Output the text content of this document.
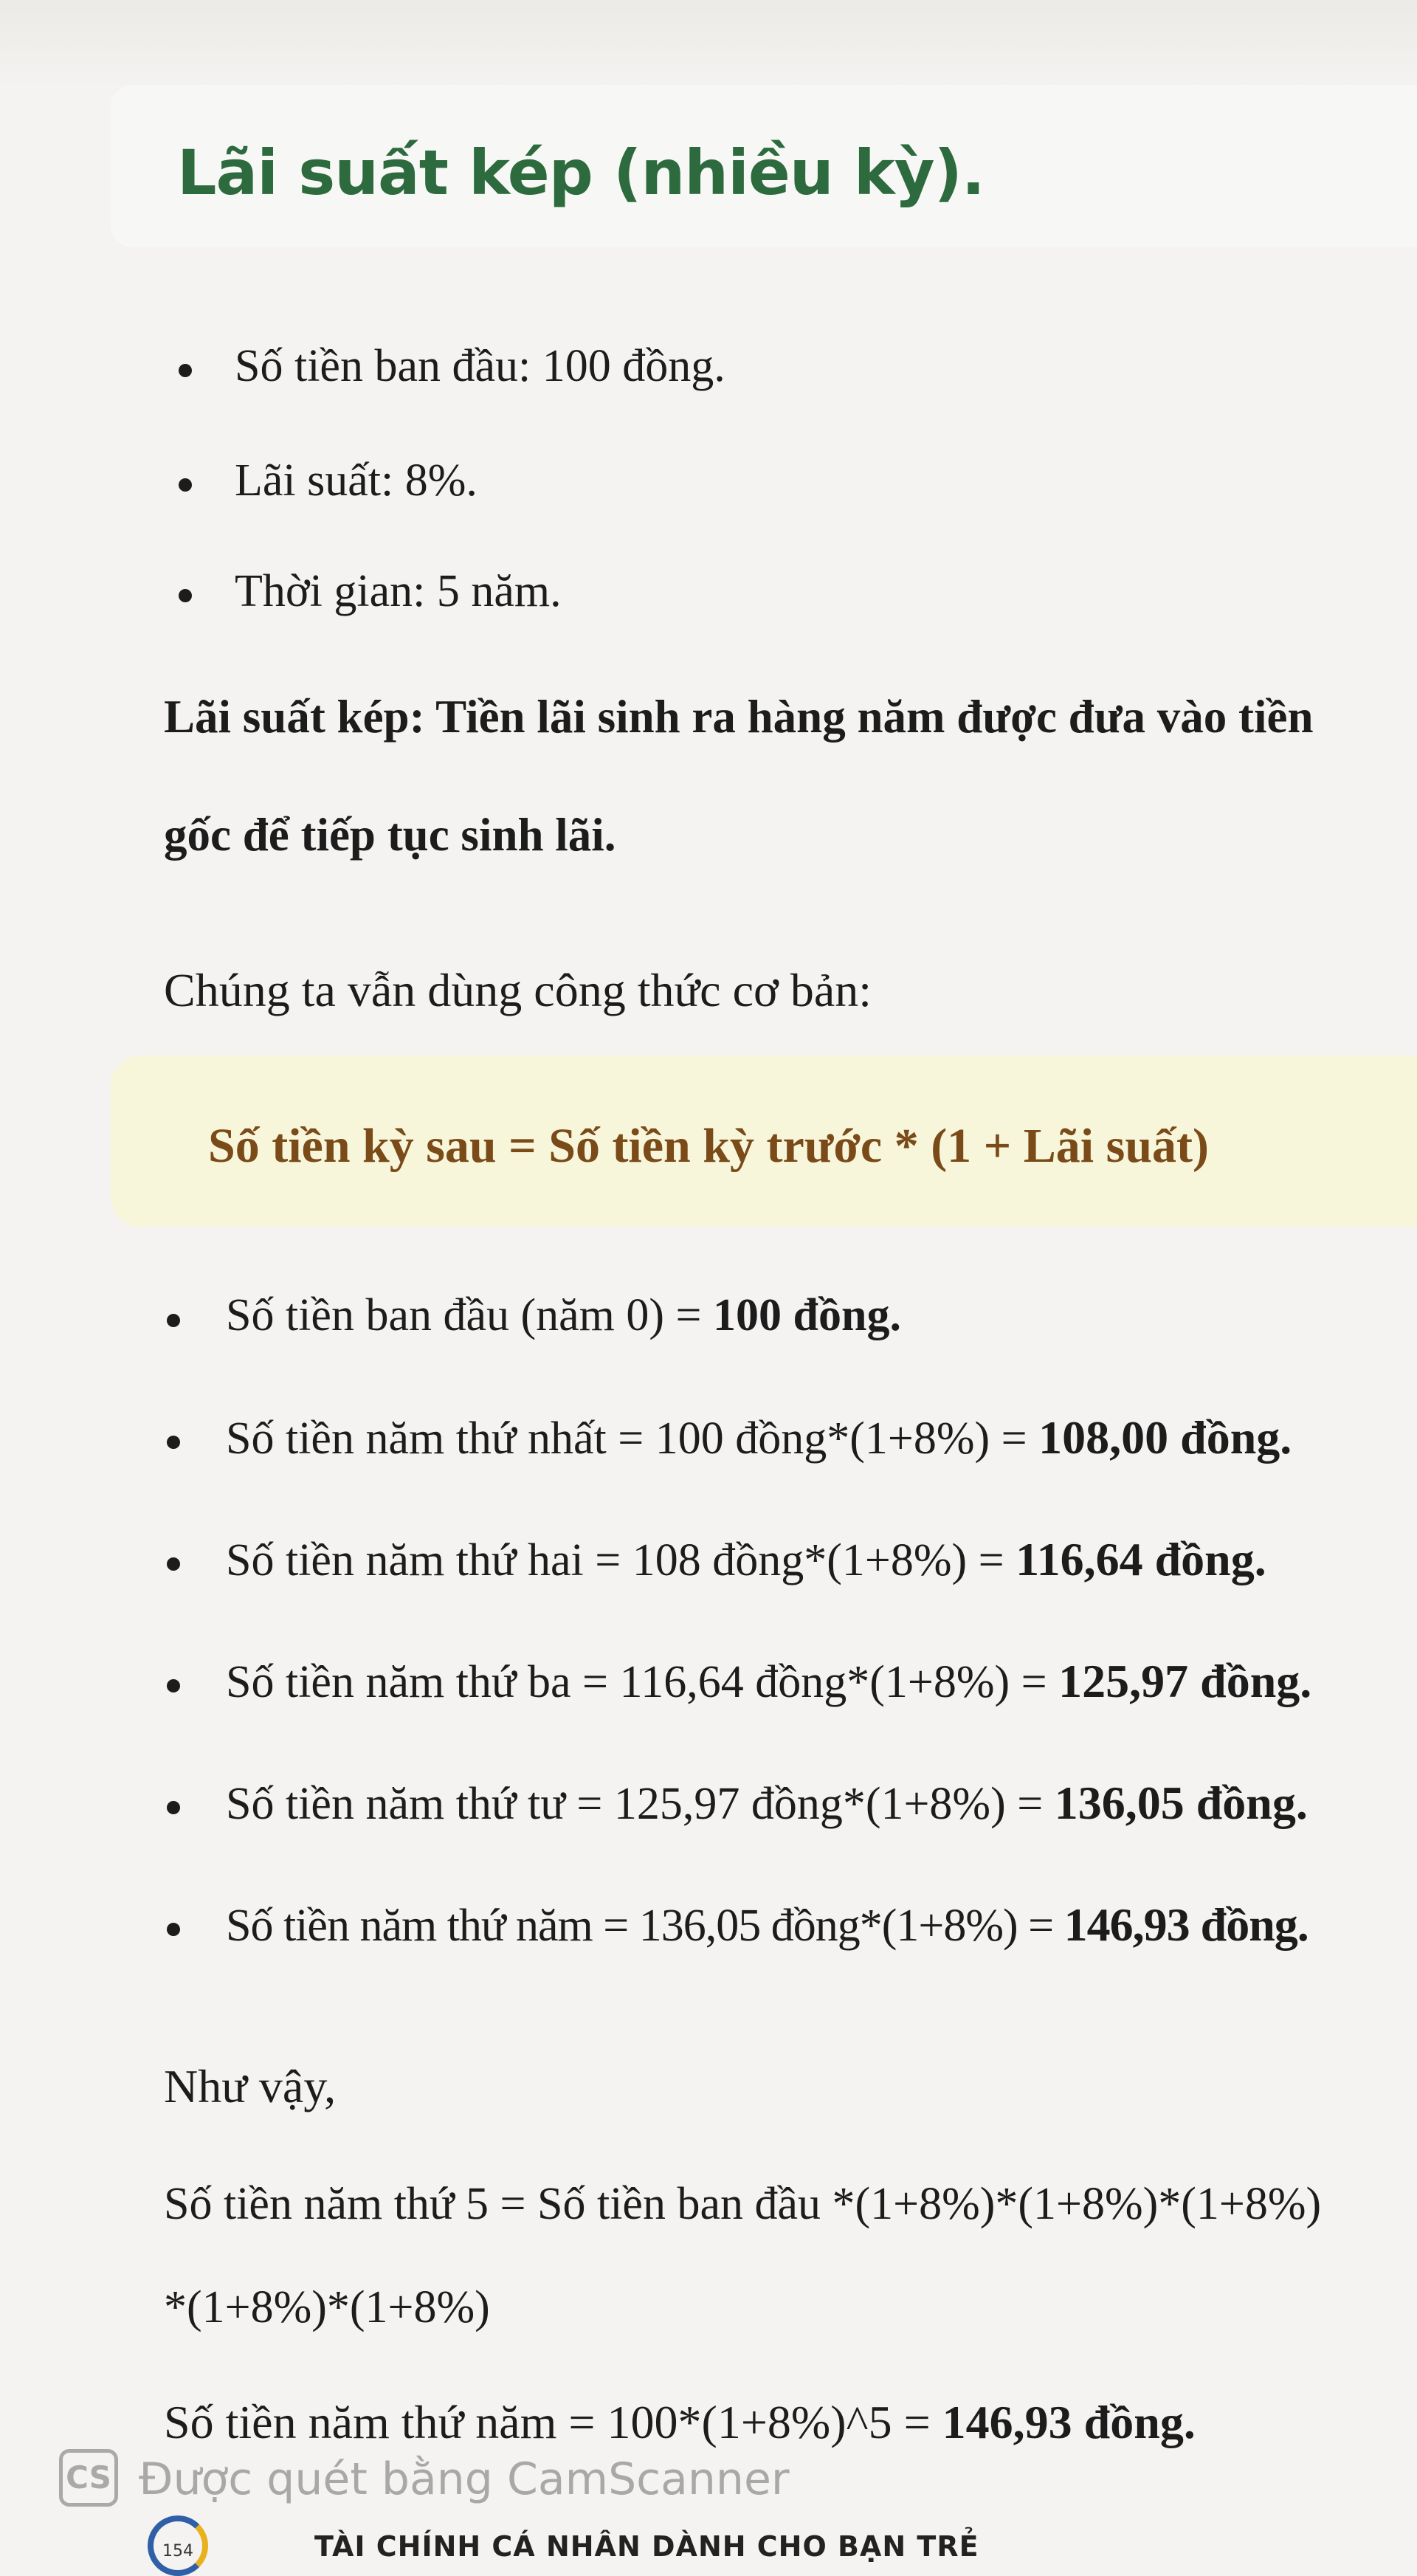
Lãi suất kép (nhiều kỳ).
Số tiền ban đầu: 100 đồng.
Lãi suất: 8%.
Thời gian: 5 năm.

Lãi suất kép: Tiền lãi sinh ra hàng năm được đưa vào tiền

gốc để tiếp tục sinh lãi.

Chúng ta vẫn dùng công thức cơ bản:

Số tiền kỳ sau = Số tiền kỳ trước * (1 + Lãi suất)
Số tiền ban đầu (năm 0) = 100 đồng.
Số tiền năm thứ nhất = 100 đồng*(1+8%) = 108,00 đồng.
Số tiền năm thứ hai = 108 đồng*(1+8%) = 116,64 đồng.
Số tiền năm thứ ba = 116,64 đồng*(1+8%) = 125,97 đồng.
Số tiền năm thứ tư = 125,97 đồng*(1+8%) = 136,05 đồng.
Số tiền năm thứ năm = 136,05 đồng*(1+8%) = 146,93 đồng.

Như vậy,

Số tiền năm thứ 5 = Số tiền ban đầu *(1+8%)*(1+8%)*(1+8%)

*(1+8%)*(1+8%)

Số tiền năm thứ năm = 100*(1+8%)^5 = 146,93 đồng.

CS Được quét bằng CamScanner
154	TÀI CHÍNH CÁ NHÂN DÀNH CHO BẠN TRẺ
